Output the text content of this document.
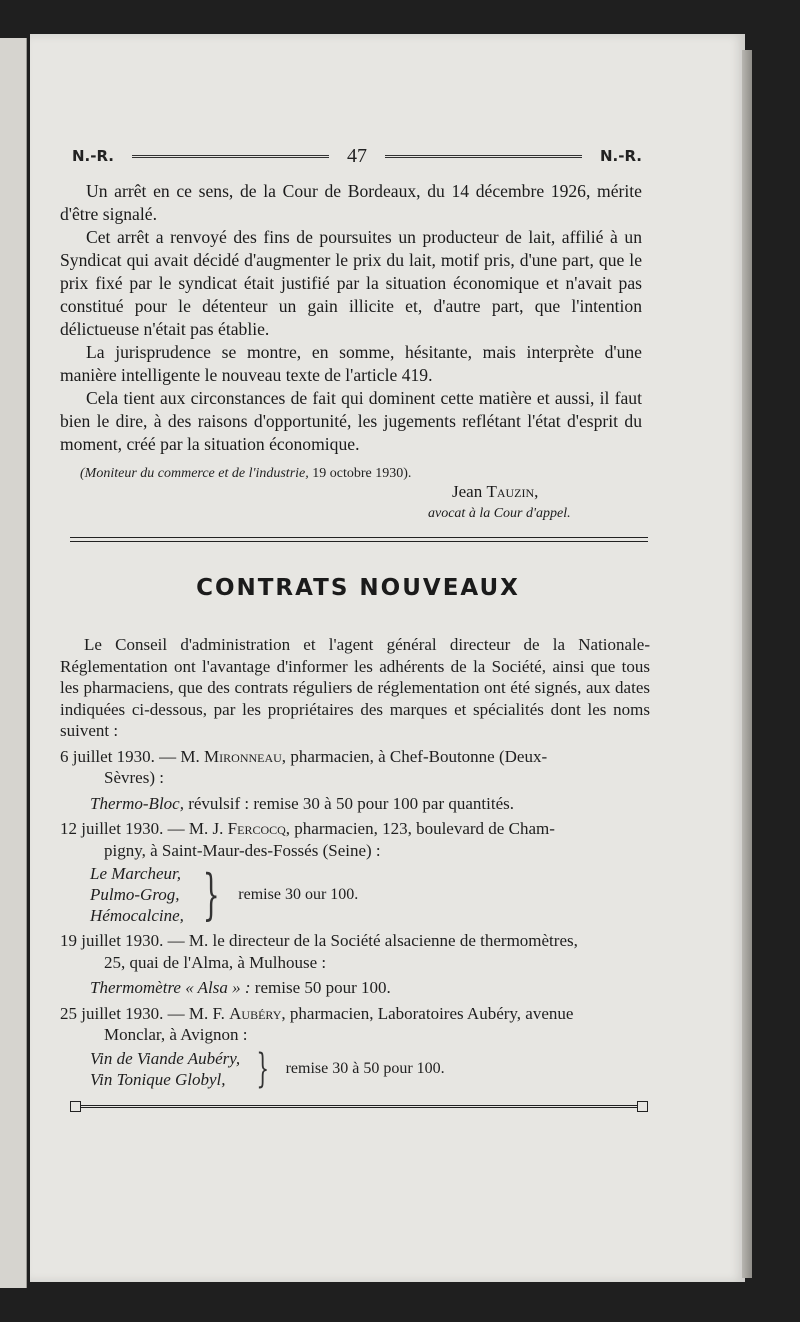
N.-R.	47	N.-R.

Un arrêt en ce sens, de la Cour de Bordeaux, du 14 décembre 1926, mérite d'être signalé.

Cet arrêt a renvoyé des fins de poursuites un producteur de lait, affilié à un Syndicat qui avait décidé d'augmenter le prix du lait, motif pris, d'une part, que le prix fixé par le syndicat était justifié par la situation économique et n'avait pas constitué pour le détenteur un gain illicite et, d'autre part, que l'intention délictueuse n'était pas établie.

La jurisprudence se montre, en somme, hésitante, mais interprète d'une manière intelligente le nouveau texte de l'article 419.

Cela tient aux circonstances de fait qui dominent cette matière et aussi, il faut bien le dire, à des raisons d'opportunité, les jugements reflétant l'état d'esprit du moment, créé par la situation économique.

(Moniteur du commerce et de l'industrie, 19 octobre 1930).
Jean Tauzin,
avocat à la Cour d'appel.
CONTRATS NOUVEAUX

Le Conseil d'administration et l'agent général directeur de la Nationale-Réglementation ont l'avantage d'informer les adhérents de la Société, ainsi que tous les pharmaciens, que des contrats réguliers de réglementation ont été signés, aux dates indiquées ci-dessous, par les propriétaires des marques et spécialités dont les noms suivent :

6 juillet 1930. — M. Mironneau, pharmacien, à Chef-Boutonne (Deux-
Sèvres) :
Thermo-Bloc, révulsif : remise 30 à 50 pour 100 par quantités.
12 juillet 1930. — M. J. Fercocq, pharmacien, 123, boulevard de Cham-
pigny, à Saint-Maur-des-Fossés (Seine) :
Le Marcheur,
Pulmo-Grog,
Hémocalcine, } remise 30 our 100.
19 juillet 1930. — M. le directeur de la Société alsacienne de thermomètres,
25, quai de l'Alma, à Mulhouse :
Thermomètre « Alsa » : remise 50 pour 100.
25 juillet 1930. — M. F. Aubéry, pharmacien, Laboratoires Aubéry, avenue
Monclar, à Avignon :
Vin de Viande Aubéry,
Vin Tonique Globyl, } remise 30 à 50 pour 100.
